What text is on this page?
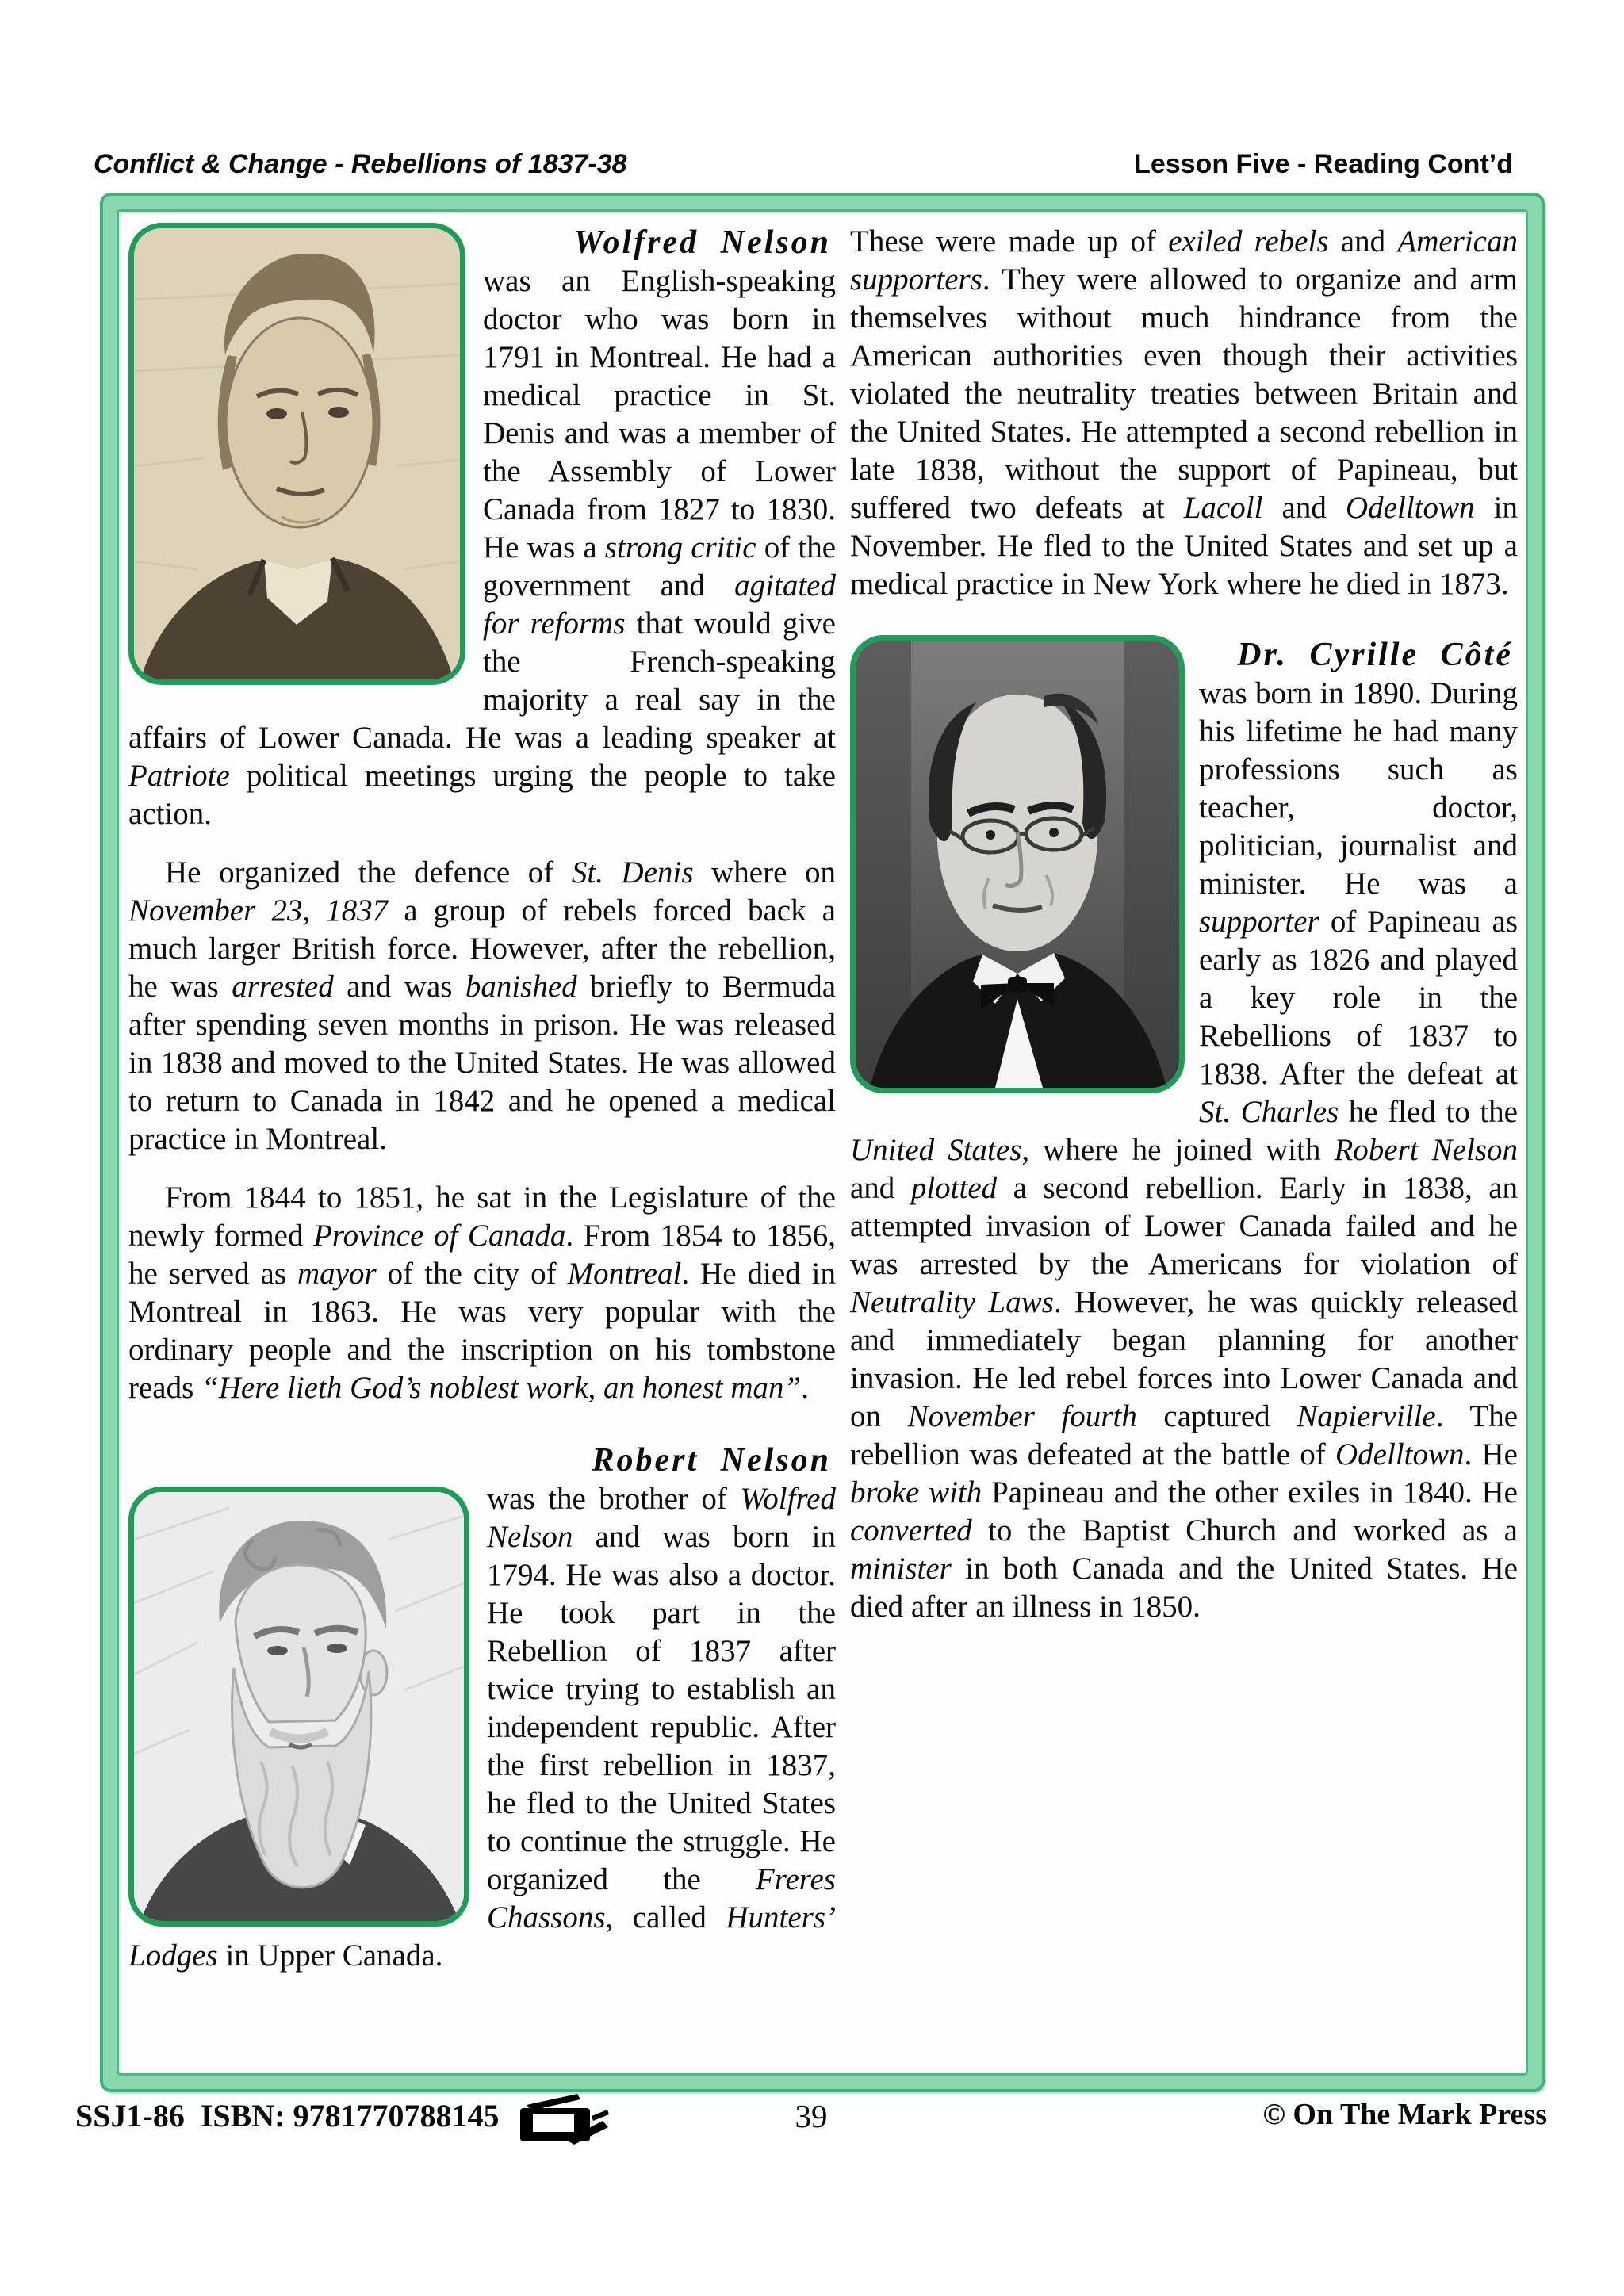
Conflict & Change - Rebellions of 1837-38	Lesson Five - Reading Cont’d
Wolfred Nelson

was an English-speaking doctor who was born in 1791 in Montreal. He had a medical practice in St. Denis and was a member of the Assembly of Lower Canada from 1827 to 1830. He was a strong critic of the government and agitated for reforms that would give the French-speaking majority a real say in the affairs of Lower Canada. He was a leading speaker at Patriote political meetings urging the people to take action.

He organized the defence of St. Denis where on November 23, 1837 a group of rebels forced back a much larger British force. However, after the rebellion, he was arrested and was banished briefly to Bermuda after spending seven months in prison. He was released in 1838 and moved to the United States. He was allowed to return to Canada in 1842 and he opened a medical practice in Montreal.

From 1844 to 1851, he sat in the Legislature of the newly formed Province of Canada. From 1854 to 1856, he served as mayor of the city of Montreal. He died in Montreal in 1863. He was very popular with the ordinary people and the inscription on his tombstone reads “Here lieth God’s noblest work, an honest man”.

Robert Nelson

was the brother of Wolfred Nelson and was born in 1794. He was also a doctor. He took part in the Rebellion of 1837 after twice trying to establish an independent republic. After the first rebellion in 1837, he fled to the United States to continue the struggle. He organized the Freres Chassons, called Hunters’ Lodges in Upper Canada.

These were made up of exiled rebels and American supporters. They were allowed to organize and arm themselves without much hindrance from the American authorities even though their activities violated the neutrality treaties between Britain and the United States. He attempted a second rebellion in late 1838, without the support of Papineau, but suffered two defeats at Lacoll and Odelltown in November. He fled to the United States and set up a medical practice in New York where he died in 1873.

Dr. Cyrille Côté

was born in 1890. During his lifetime he had many professions such as teacher, doctor, politician, journalist and minister. He was a supporter of Papineau as early as 1826 and played a key role in the Rebellions of 1837 to 1838. After the defeat at St. Charles he fled to the United States, where he joined with Robert Nelson and plotted a second rebellion. Early in 1838, an attempted invasion of Lower Canada failed and he was arrested by the Americans for violation of Neutrality Laws. However, he was quickly released and immediately began planning for another invasion. He led rebel forces into Lower Canada and on November fourth captured Napierville. The rebellion was defeated at the battle of Odelltown. He broke with Papineau and the other exiles in 1840. He converted to the Baptist Church and worked as a minister in both Canada and the United States. He died after an illness in 1850.

SSJ1-86 ISBN: 9781770788145	39	© On The Mark Press
